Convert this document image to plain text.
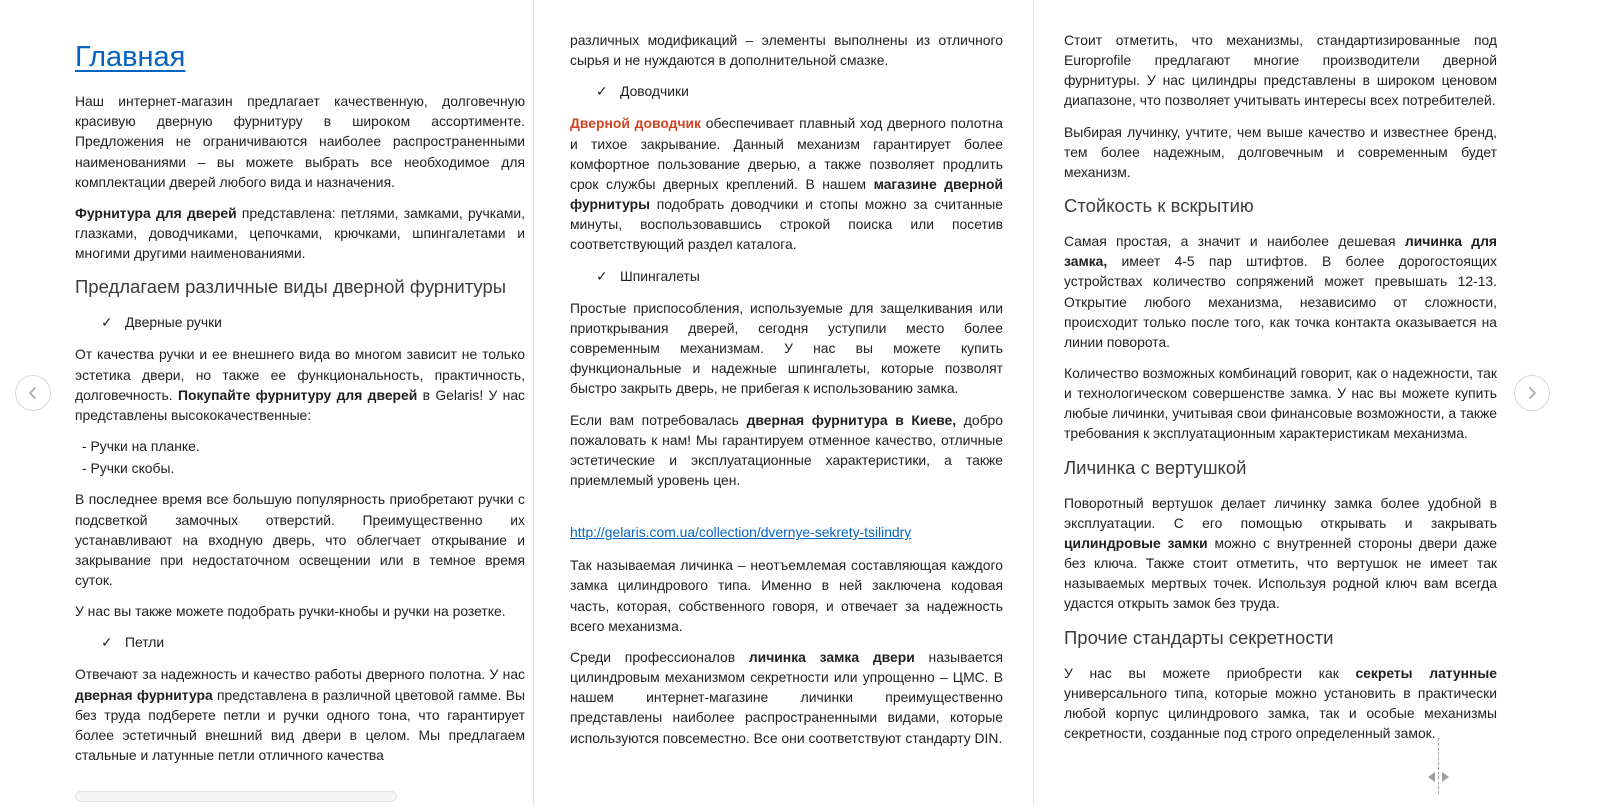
Главная

Наш интернет-магазин предлагает качественную, долговечную красивую дверную фурнитуру в широком ассортименте. Предложения не ограничиваются наиболее распространенными наименованиями – вы можете выбрать все необходимое для комплектации дверей любого вида и назначения.

Фурнитура для дверей представлена: петлями, замками, ручками, глазками, доводчиками, цепочками, крючками, шпингалетами и многими другими наименованиями.

Предлагаем различные виды дверной фурнитуры
✓ Дверные ручки

От качества ручки и ее внешнего вида во многом зависит не только эстетика двери, но также ее функциональность, практичность, долговечность. Покупайте фурнитуру для дверей в Gelaris! У нас представлены высококачественные:

- Ручки на планке.
- Ручки скобы.

В последнее время все большую популярность приобретают ручки с подсветкой замочных отверстий. Преимущественно их устанавливают на входную дверь, что облегчает открывание и закрывание при недостаточном освещении или в темное время суток.

У нас вы также можете подобрать ручки-кнобы и ручки на розетке.

✓ Петли

Отвечают за надежность и качество работы дверного полотна. У нас дверная фурнитура представлена в различной цветовой гамме. Вы без труда подберете петли и ручки одного тона, что гарантирует более эстетичный внешний вид двери в целом. Мы предлагаем стальные и латунные петли отличного качества

различных модификаций – элементы выполнены из отличного сырья и не нуждаются в дополнительной смазке.

✓ Доводчики

Дверной доводчик обеспечивает плавный ход дверного полотна и тихое закрывание. Данный механизм гарантирует более комфортное пользование дверью, а также позволяет продлить срок службы дверных креплений. В нашем магазине дверной фурнитуры подобрать доводчики и стопы можно за считанные минуты, воспользовавшись строкой поиска или посетив соответствующий раздел каталога.

✓ Шпингалеты

Простые приспособления, используемые для защелкивания или приоткрывания дверей, сегодня уступили место более современным механизмам. У нас вы можете купить функциональные и надежные шпингалеты, которые позволят быстро закрыть дверь, не прибегая к использованию замка.

Если вам потребовалась дверная фурнитура в Киеве, добро пожаловать к нам! Мы гарантируем отменное качество, отличные эстетические и эксплуатационные характеристики, а также приемлемый уровень цен.

http://gelaris.com.ua/collection/dvernye-sekrety-tsilindry

Так называемая личинка – неотъемлемая составляющая каждого замка цилиндрового типа. Именно в ней заключена кодовая часть, которая, собственного говоря, и отвечает за надежность всего механизма.

Среди профессионалов личинка замка двери называется цилиндровым механизмом секретности или упрощенно – ЦМС. В нашем интернет-магазине личинки преимущественно представлены наиболее распространенными видами, которые используются повсеместно. Все они соответствуют стандарту DIN.

Стоит отметить, что механизмы, стандартизированные под Europrofile предлагают многие производители дверной фурнитуры. У нас цилиндры представлены в широком ценовом диапазоне, что позволяет учитывать интересы всех потребителей.

Выбирая лучинку, учтите, чем выше качество и известнее бренд, тем более надежным, долговечным и современным будет механизм.

Стойкость к вскрытию

Самая простая, а значит и наиболее дешевая личинка для замка, имеет 4-5 пар штифтов. В более дорогостоящих устройствах количество сопряжений может превышать 12-13. Открытие любого механизма, независимо от сложности, происходит только после того, как точка контакта оказывается на линии поворота.

Количество возможных комбинаций говорит, как о надежности, так и технологическом совершенстве замка. У нас вы можете купить любые личинки, учитывая свои финансовые возможности, а также требования к эксплуатационным характеристикам механизма.

Личинка с вертушкой

Поворотный вертушок делает личинку замка более удобной в эксплуатации. С его помощью открывать и закрывать цилиндровые замки можно с внутренней стороны двери даже без ключа. Также стоит отметить, что вертушок не имеет так называемых мертвых точек. Используя родной ключ вам всегда удастся открыть замок без труда.

Прочие стандарты секретности

У нас вы можете приобрести как секреты латунные универсального типа, которые можно установить в практически любой корпус цилиндрового замка, так и особые механизмы секретности, созданные под строго определенный замок.
